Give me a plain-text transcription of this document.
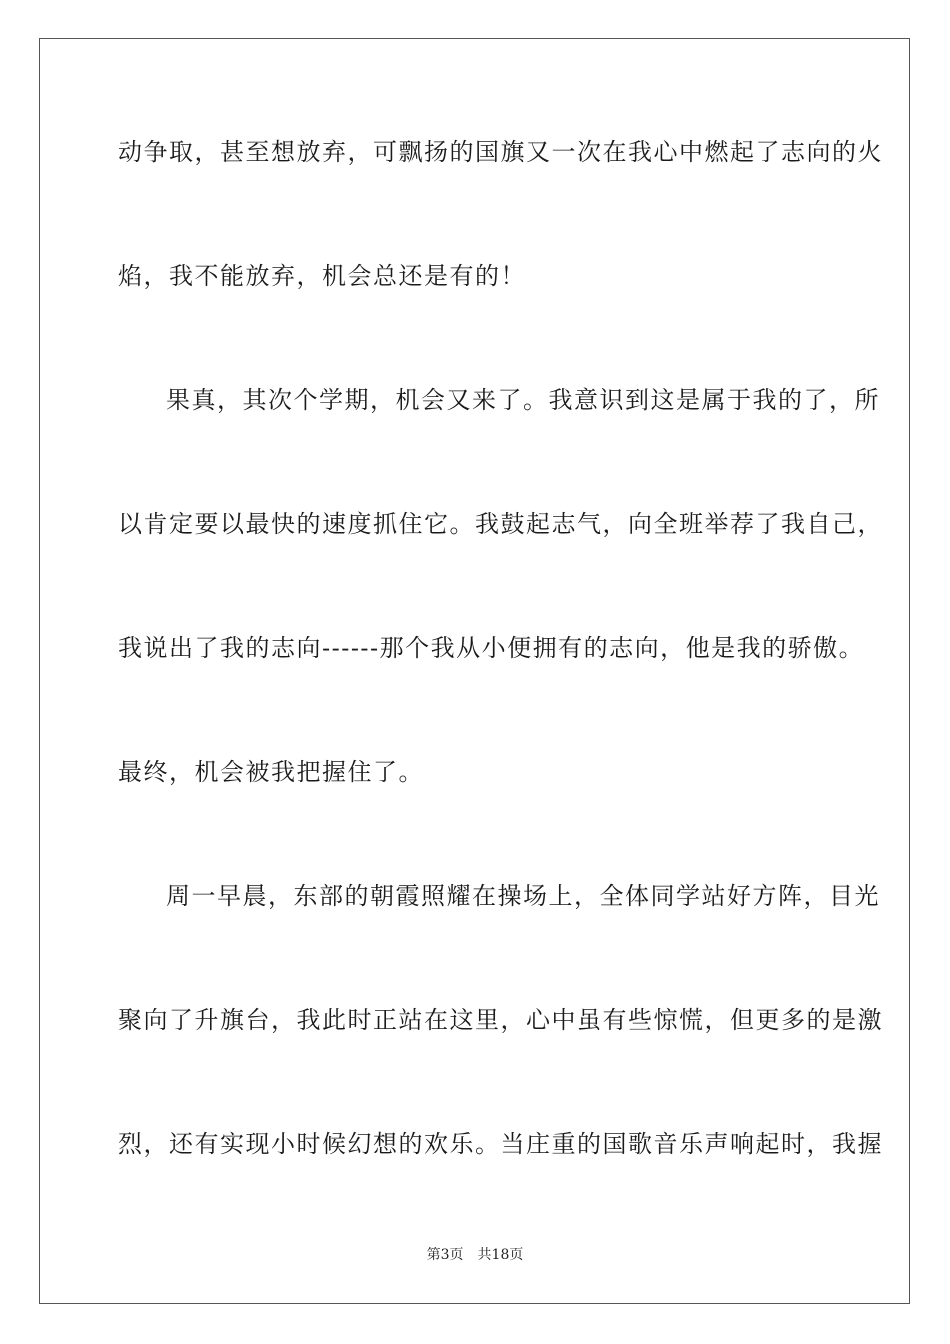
动争取，甚至想放弃，可飘扬的国旗又一次在我心中燃起了志向的火
焰，我不能放弃，机会总还是有的！
果真，其次个学期，机会又来了。我意识到这是属于我的了，所
以肯定要以最快的速度抓住它。我鼓起志气，向全班举荐了我自己，
我说出了我的志向------那个我从小便拥有的志向，他是我的骄傲。
最终，机会被我把握住了。
周一早晨，东部的朝霞照耀在操场上，全体同学站好方阵，目光
聚向了升旗台，我此时正站在这里，心中虽有些惊慌，但更多的是激
烈，还有实现小时候幻想的欢乐。当庄重的国歌音乐声响起时，我握
第3页 共18页
